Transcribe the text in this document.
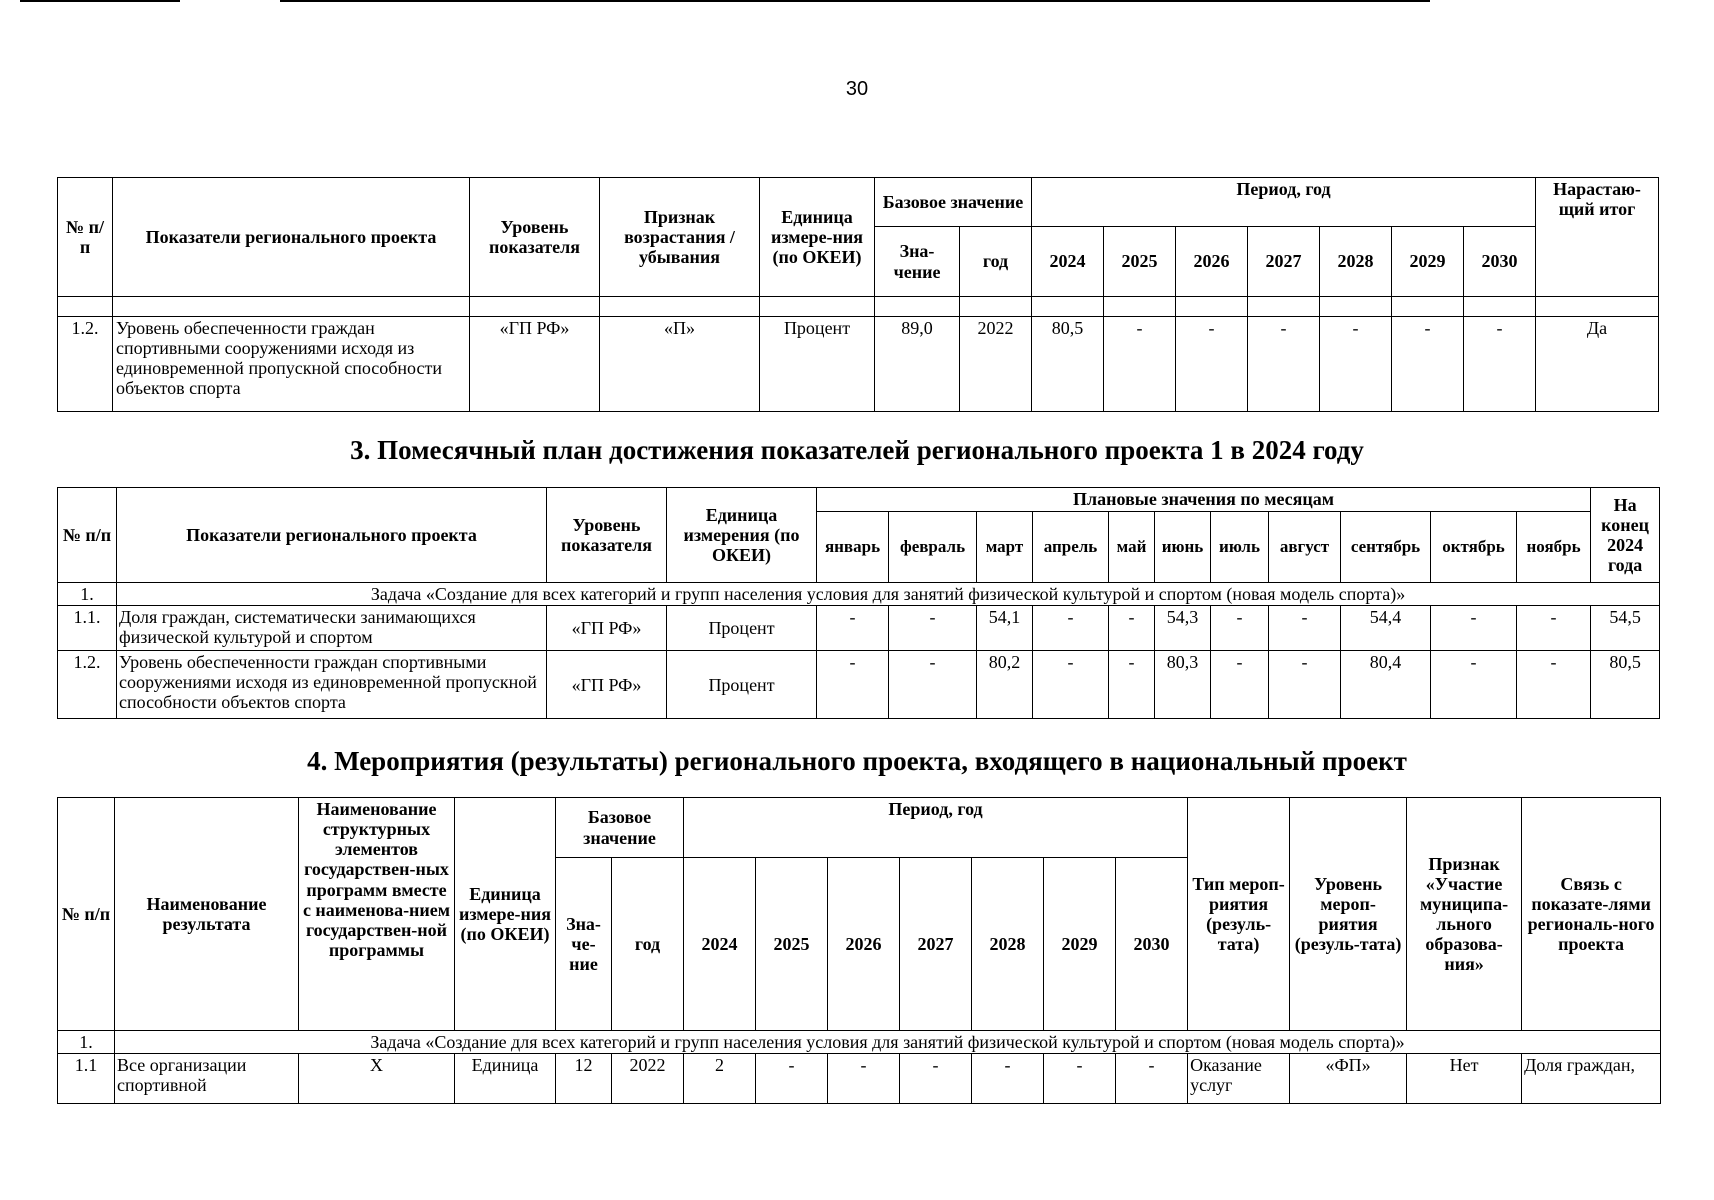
30
№ п/п	Показатели регионального проекта	Уровень показателя	Признак возрастания / убывания	Единица измере-ния (по ОКЕИ)	Базовое значение		Период, год							Нарастаю-щий итог
					Зна-чение	год	2024	2025	2026	2027	2028	2029	2030	

1.2.	Уровень обеспеченности граждан спортивными сооружениями исходя из единовременной пропускной способности объектов спорта	«ГП РФ»	«П»	Процент	89,0	2022	80,5	-	-	-	-	-	-	Да
3. Помесячный план достижения показателей регионального проекта 1 в 2024 году
№ п/п	Показатели регионального проекта	Уровень показателя	Единица измерения (по ОКЕИ)	Плановые значения по месяцам											На конец 2024 года
				январь	февраль	март	апрель	май	июнь	июль	август	сентябрь	октябрь	ноябрь	
1.	Задача «Создание для всех категорий и групп населения условия для занятий физической культурой и спортом (новая модель спорта)»														
1.1.	Доля граждан, систематически занимающихся физической культурой и спортом	«ГП РФ»	Процент	-	-	54,1	-	-	54,3	-	-	54,4	-	-	54,5
1.2.	Уровень обеспеченности граждан спортивными сооружениями исходя из единовременной пропускной способности объектов спорта	«ГП РФ»	Процент	-	-	80,2	-	-	80,3	-	-	80,4	-	-	80,5
4. Мероприятия (результаты) регионального проекта, входящего в национальный проект
№ п/п	Наименование результата	Наименование структурных элементов государствен-ных программ вместе с наименова-нием государствен-ной программы	Единица измере-ния (по ОКЕИ)	Базовое значение		Период, год							Тип мероп-риятия (резуль-тата)	Уровень мероп-риятия (резуль-тата)	Признак «Участие муниципа-льного образова-ния»	Связь с показате-лями региональ-ного проекта
				Зна-че-ние	год	2024	2025	2026	2027	2028	2029	2030				
1.	Задача «Создание для всех категорий и групп населения условия для занятий физической культурой и спортом (новая модель спорта)»															
1.1	Все организации спортивной	Х	Единица	12	2022	2	-	-	-	-	-	-	Оказание услуг	«ФП»	Нет	Доля граждан,
